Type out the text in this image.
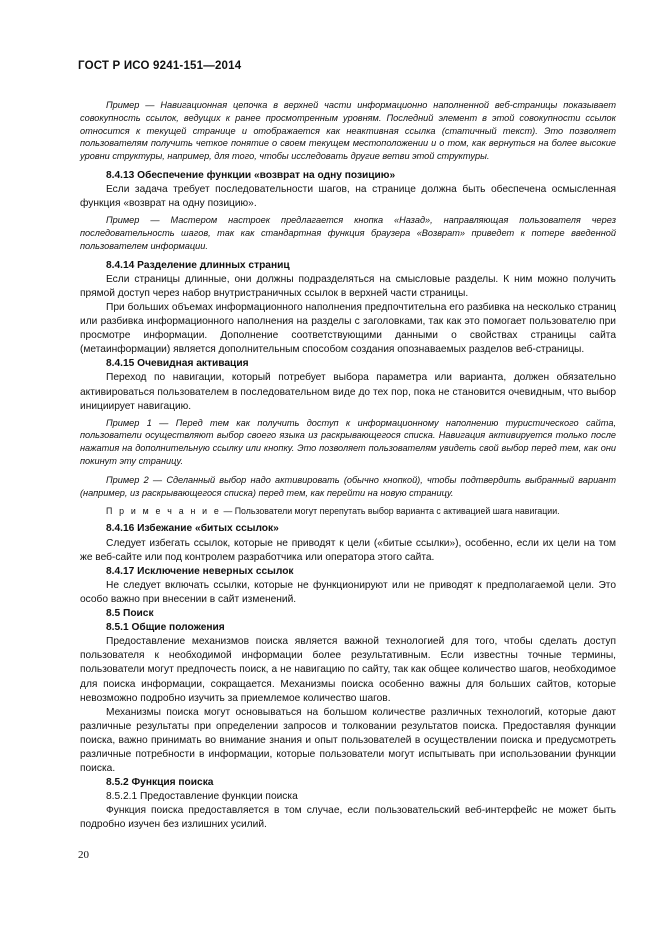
ГОСТ Р ИСО 9241-151—2014

Пример — Навигационная цепочка в верхней части информационно наполненной веб-страницы показывает совокупность ссылок, ведущих к ранее просмотренным уровням. Последний элемент в этой совокупности ссылок относится к текущей странице и отображается как неактивная ссылка (статичный текст). Это позволяет пользователям получить четкое понятие о своем текущем местоположении и о том, как вернуться на более высокие уровни структуры, например, для того, чтобы исследовать другие ветви этой структуры.

8.4.13 Обеспечение функции «возврат на одну позицию»

Если задача требует последовательности шагов, на странице должна быть обеспечена осмысленная функция «возврат на одну позицию».

Пример — Мастером настроек предлагается кнопка «Назад», направляющая пользователя через последовательность шагов, так как стандартная функция браузера «Возврат» приведет к потере введенной пользователем информации.

8.4.14 Разделение длинных страниц

Если страницы длинные, они должны подразделяться на смысловые разделы. К ним можно получить прямой доступ через набор внутристраничных ссылок в верхней части страницы.

При больших объемах информационного наполнения предпочтительна его разбивка на несколько страниц или разбивка информационного наполнения на разделы с заголовками, так как это помогает пользователю при просмотре информации. Дополнение соответствующими данными о свойствах страницы сайта (метаинформации) является дополнительным способом создания опознаваемых разделов веб-страницы.

8.4.15 Очевидная активация

Переход по навигации, который потребует выбора параметра или варианта, должен обязательно активироваться пользователем в последовательном виде до тех пор, пока не становится очевидным, что выбор инициирует навигацию.

Пример 1 — Перед тем как получить доступ к информационному наполнению туристического сайта, пользователи осуществляют выбор своего языка из раскрывающегося списка. Навигация активируется только после нажатия на дополнительную ссылку или кнопку. Это позволяет пользователям увидеть свой выбор перед тем, как они покинут эту страницу.

Пример 2 — Сделанный выбор надо активировать (обычно кнопкой), чтобы подтвердить выбранный вариант (например, из раскрывающегося списка) перед тем, как перейти на новую страницу.

П р и м е ч а н и е — Пользователи могут перепутать выбор варианта с активацией шага навигации.

8.4.16 Избежание «битых ссылок»

Следует избегать ссылок, которые не приводят к цели («битые ссылки»), особенно, если их цели на том же веб-сайте или под контролем разработчика или оператора этого сайта.

8.4.17 Исключение неверных ссылок

Не следует включать ссылки, которые не функционируют или не приводят к предполагаемой цели. Это особо важно при внесении в сайт изменений.

8.5 Поиск

8.5.1 Общие положения

Предоставление механизмов поиска является важной технологией для того, чтобы сделать доступ пользователя к необходимой информации более результативным. Если известны точные термины, пользователи могут предпочесть поиск, а не навигацию по сайту, так как общее количество шагов, необходимое для поиска информации, сокращается. Механизмы поиска особенно важны для больших сайтов, которые невозможно подробно изучить за приемлемое количество шагов.

Механизмы поиска могут основываться на большом количестве различных технологий, которые дают различные результаты при определении запросов и толковании результатов поиска. Предоставляя функции поиска, важно принимать во внимание знания и опыт пользователей в осуществлении поиска и предусмотреть различные потребности в информации, которые пользователи могут испытывать при использовании функции поиска.

8.5.2 Функция поиска

8.5.2.1 Предоставление функции поиска

Функция поиска предоставляется в том случае, если пользовательский веб-интерфейс не может быть подробно изучен без излишних усилий.

20
